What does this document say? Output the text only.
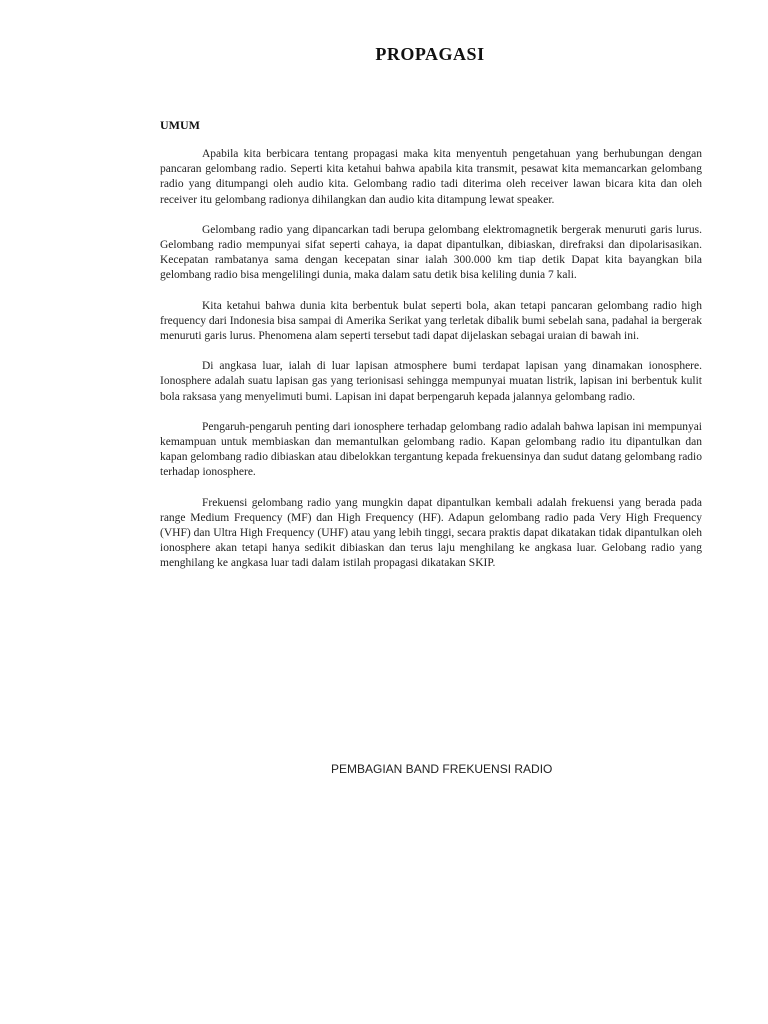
PROPAGASI
UMUM

Apabila kita berbicara tentang propagasi maka kita menyentuh pengetahuan yang berhubungan dengan pancaran gelombang radio. Seperti kita ketahui bahwa apabila kita transmit, pesawat kita memancarkan gelombang radio yang ditumpangi oleh audio kita. Gelombang radio tadi diterima oleh receiver lawan bicara kita dan oleh receiver itu gelombang radionya dihilangkan dan audio kita ditampung lewat speaker.

Gelombang radio yang dipancarkan tadi berupa gelombang elektromagnetik bergerak menuruti garis lurus. Gelombang radio mempunyai sifat seperti cahaya, ia dapat dipantulkan, dibiaskan, direfraksi dan dipolarisasikan. Kecepatan rambatanya sama dengan kecepatan sinar ialah 300.000 km tiap detik Dapat kita bayangkan bila gelombang radio bisa mengelilingi dunia, maka dalam satu detik bisa keliling dunia 7 kali.

Kita ketahui bahwa dunia kita berbentuk bulat seperti bola, akan tetapi pancaran gelombang radio high frequency dari Indonesia bisa sampai di Amerika Serikat yang terletak dibalik bumi sebelah sana, padahal ia bergerak menuruti garis lurus. Phenomena alam seperti tersebut tadi dapat dijelaskan sebagai uraian di bawah ini.

Di angkasa luar, ialah di luar lapisan atmosphere bumi terdapat lapisan yang dinamakan ionosphere. Ionosphere adalah suatu lapisan gas yang terionisasi sehingga mempunyai muatan listrik, lapisan ini berbentuk kulit bola raksasa yang menyelimuti bumi. Lapisan ini dapat berpengaruh kepada jalannya gelombang radio.

Pengaruh-pengaruh penting dari ionosphere terhadap gelombang radio adalah bahwa lapisan ini mempunyai kemampuan untuk membiaskan dan memantulkan gelombang radio. Kapan gelombang radio itu dipantulkan dan kapan gelombang radio dibiaskan atau dibelokkan tergantung kepada frekuensinya dan sudut datang gelombang radio terhadap ionosphere.

Frekuensi gelombang radio yang mungkin dapat dipantulkan kembali adalah frekuensi yang berada pada range Medium Frequency (MF) dan High Frequency (HF). Adapun gelombang radio pada Very High Frequency (VHF) dan Ultra High Frequency (UHF) atau yang lebih tinggi, secara praktis dapat dikatakan tidak dipantulkan oleh ionosphere akan tetapi hanya sedikit dibiaskan dan terus laju menghilang ke angkasa luar. Gelobang radio yang menghilang ke angkasa luar tadi dalam istilah propagasi dikatakan SKIP.

PEMBAGIAN BAND FREKUENSI RADIO
